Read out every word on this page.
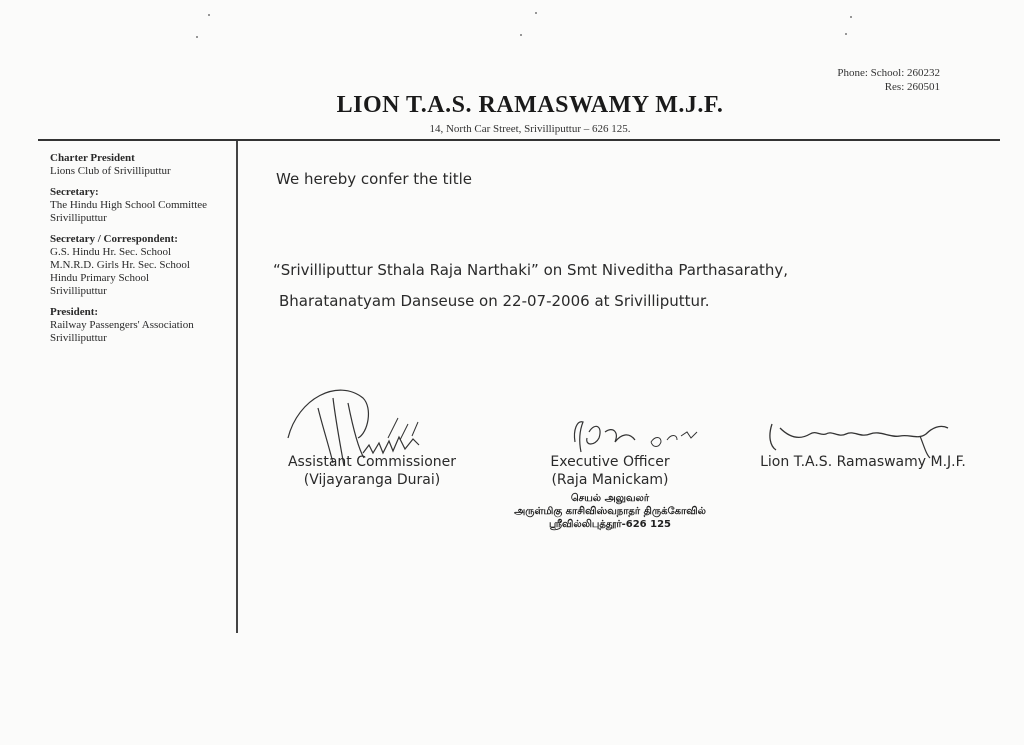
Phone: School: 260232
Res: 260501
LION T.A.S. RAMASWAMY M.J.F.
14, North Car Street, Srivilliputtur – 626 125.
Charter President
Lions Club of Srivilliputtur
Secretary:
The Hindu High School Committee
Srivilliputtur
Secretary / Correspondent:
G.S. Hindu Hr. Sec. School
M.N.R.D. Girls Hr. Sec. School
Hindu Primary School
Srivilliputtur
President:
Railway Passengers' Association
Srivilliputtur
We hereby confer the title
“Srivilliputtur Sthala Raja Narthaki” on Smt Niveditha Parthasarathy,
Bharatanatyam Danseuse on 22-07-2006 at Srivilliputtur.
Assistant Commissioner
(Vijayaranga Durai)
Executive Officer
(Raja Manickam)
Lion T.A.S. Ramaswamy M.J.F.
செயல் அலுவலர்
அருள்மிகு காசிவிஸ்வநாதர் திருக்கோவில்
ஸ்ரீவில்லிபுத்தூர்-626 125
